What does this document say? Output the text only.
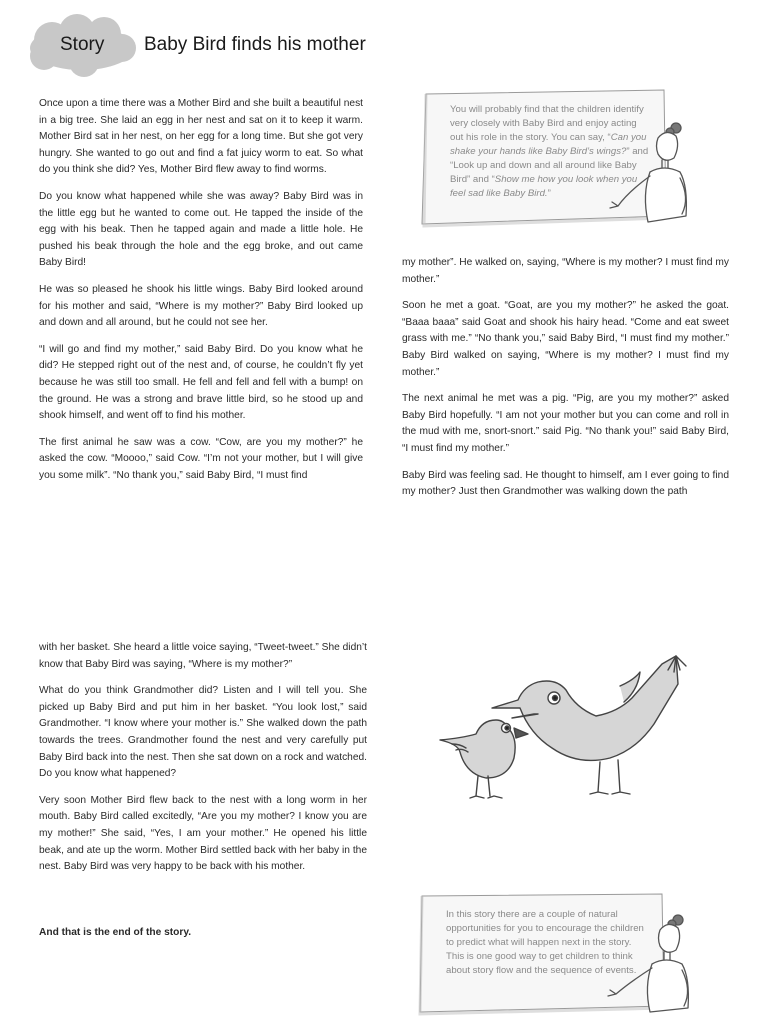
Story Baby Bird finds his mother

Once upon a time there was a Mother Bird and she built a beautiful nest in a big tree. She laid an egg in her nest and sat on it to keep it warm. Mother Bird sat in her nest, on her egg for a long time. But she got very hungry. She wanted to go out and find a fat juicy worm to eat. So what do you think she did? Yes, Mother Bird flew away to find worms.

Do you know what happened while she was away? Baby Bird was in the little egg but he wanted to come out. He tapped the inside of the egg with his beak. Then he tapped again and made a little hole. He pushed his beak through the hole and the egg broke, and out came Baby Bird!

He was so pleased he shook his little wings. Baby Bird looked around for his mother and said, “Where is my mother?” Baby Bird looked up and down and all around, but he could not see her.

“I will go and find my mother,” said Baby Bird. Do you know what he did? He stepped right out of the nest and, of course, he couldn’t fly yet because he was still too small. He fell and fell and fell with a bump! on the ground. He was a strong and brave little bird, so he stood up and shook himself, and went off to find his mother.

The first animal he saw was a cow. “Cow, are you my mother?” he asked the cow. “Moooo,” said Cow. “I’m not your mother, but I will give you some milk”. “No thank you,” said Baby Bird, “I must find

You will probably find that the children identify very closely with Baby Bird and enjoy acting out his role in the story. You can say, “Can you shake your hands like Baby Bird’s wings?” and “Look up and down and all around like Baby Bird” and “Show me how you look when you feel sad like Baby Bird.”

my mother”. He walked on, saying, “Where is my mother? I must find my mother.”

Soon he met a goat. “Goat, are you my mother?” he asked the goat. “Baaa baaa” said Goat and shook his hairy head. “Come and eat sweet grass with me.” “No thank you,” said Baby Bird, “I must find my mother.” Baby Bird walked on saying, “Where is my mother? I must find my mother.”

The next animal he met was a pig. “Pig, are you my mother?” asked Baby Bird hopefully. “I am not your mother but you can come and roll in the mud with me, snort-snort.” said Pig. “No thank you!” said Baby Bird, “I must find my mother.”

Baby Bird was feeling sad. He thought to himself, am I ever going to find my mother? Just then Grandmother was walking down the path

with her basket. She heard a little voice saying, “Tweet-tweet.” She didn’t know that Baby Bird was saying, “Where is my mother?”

What do you think Grandmother did? Listen and I will tell you. She picked up Baby Bird and put him in her basket. “You look lost,” said Grandmother. “I know where your mother is.” She walked down the path towards the trees. Grandmother found the nest and very carefully put Baby Bird back into the nest. Then she sat down on a rock and watched. Do you know what happened?

Very soon Mother Bird flew back to the nest with a long worm in her mouth. Baby Bird called excitedly, “Are you my mother? I know you are my mother!” She said, “Yes, I am your mother.” He opened his little beak, and ate up the worm. Mother Bird settled back with her baby in the nest. Baby Bird was very happy to be back with his mother.

And that is the end of the story.
In this story there are a couple of natural opportunities for you to encourage the children to predict what will happen next in the story. This is one good way to get children to think about story flow and the sequence of events.
